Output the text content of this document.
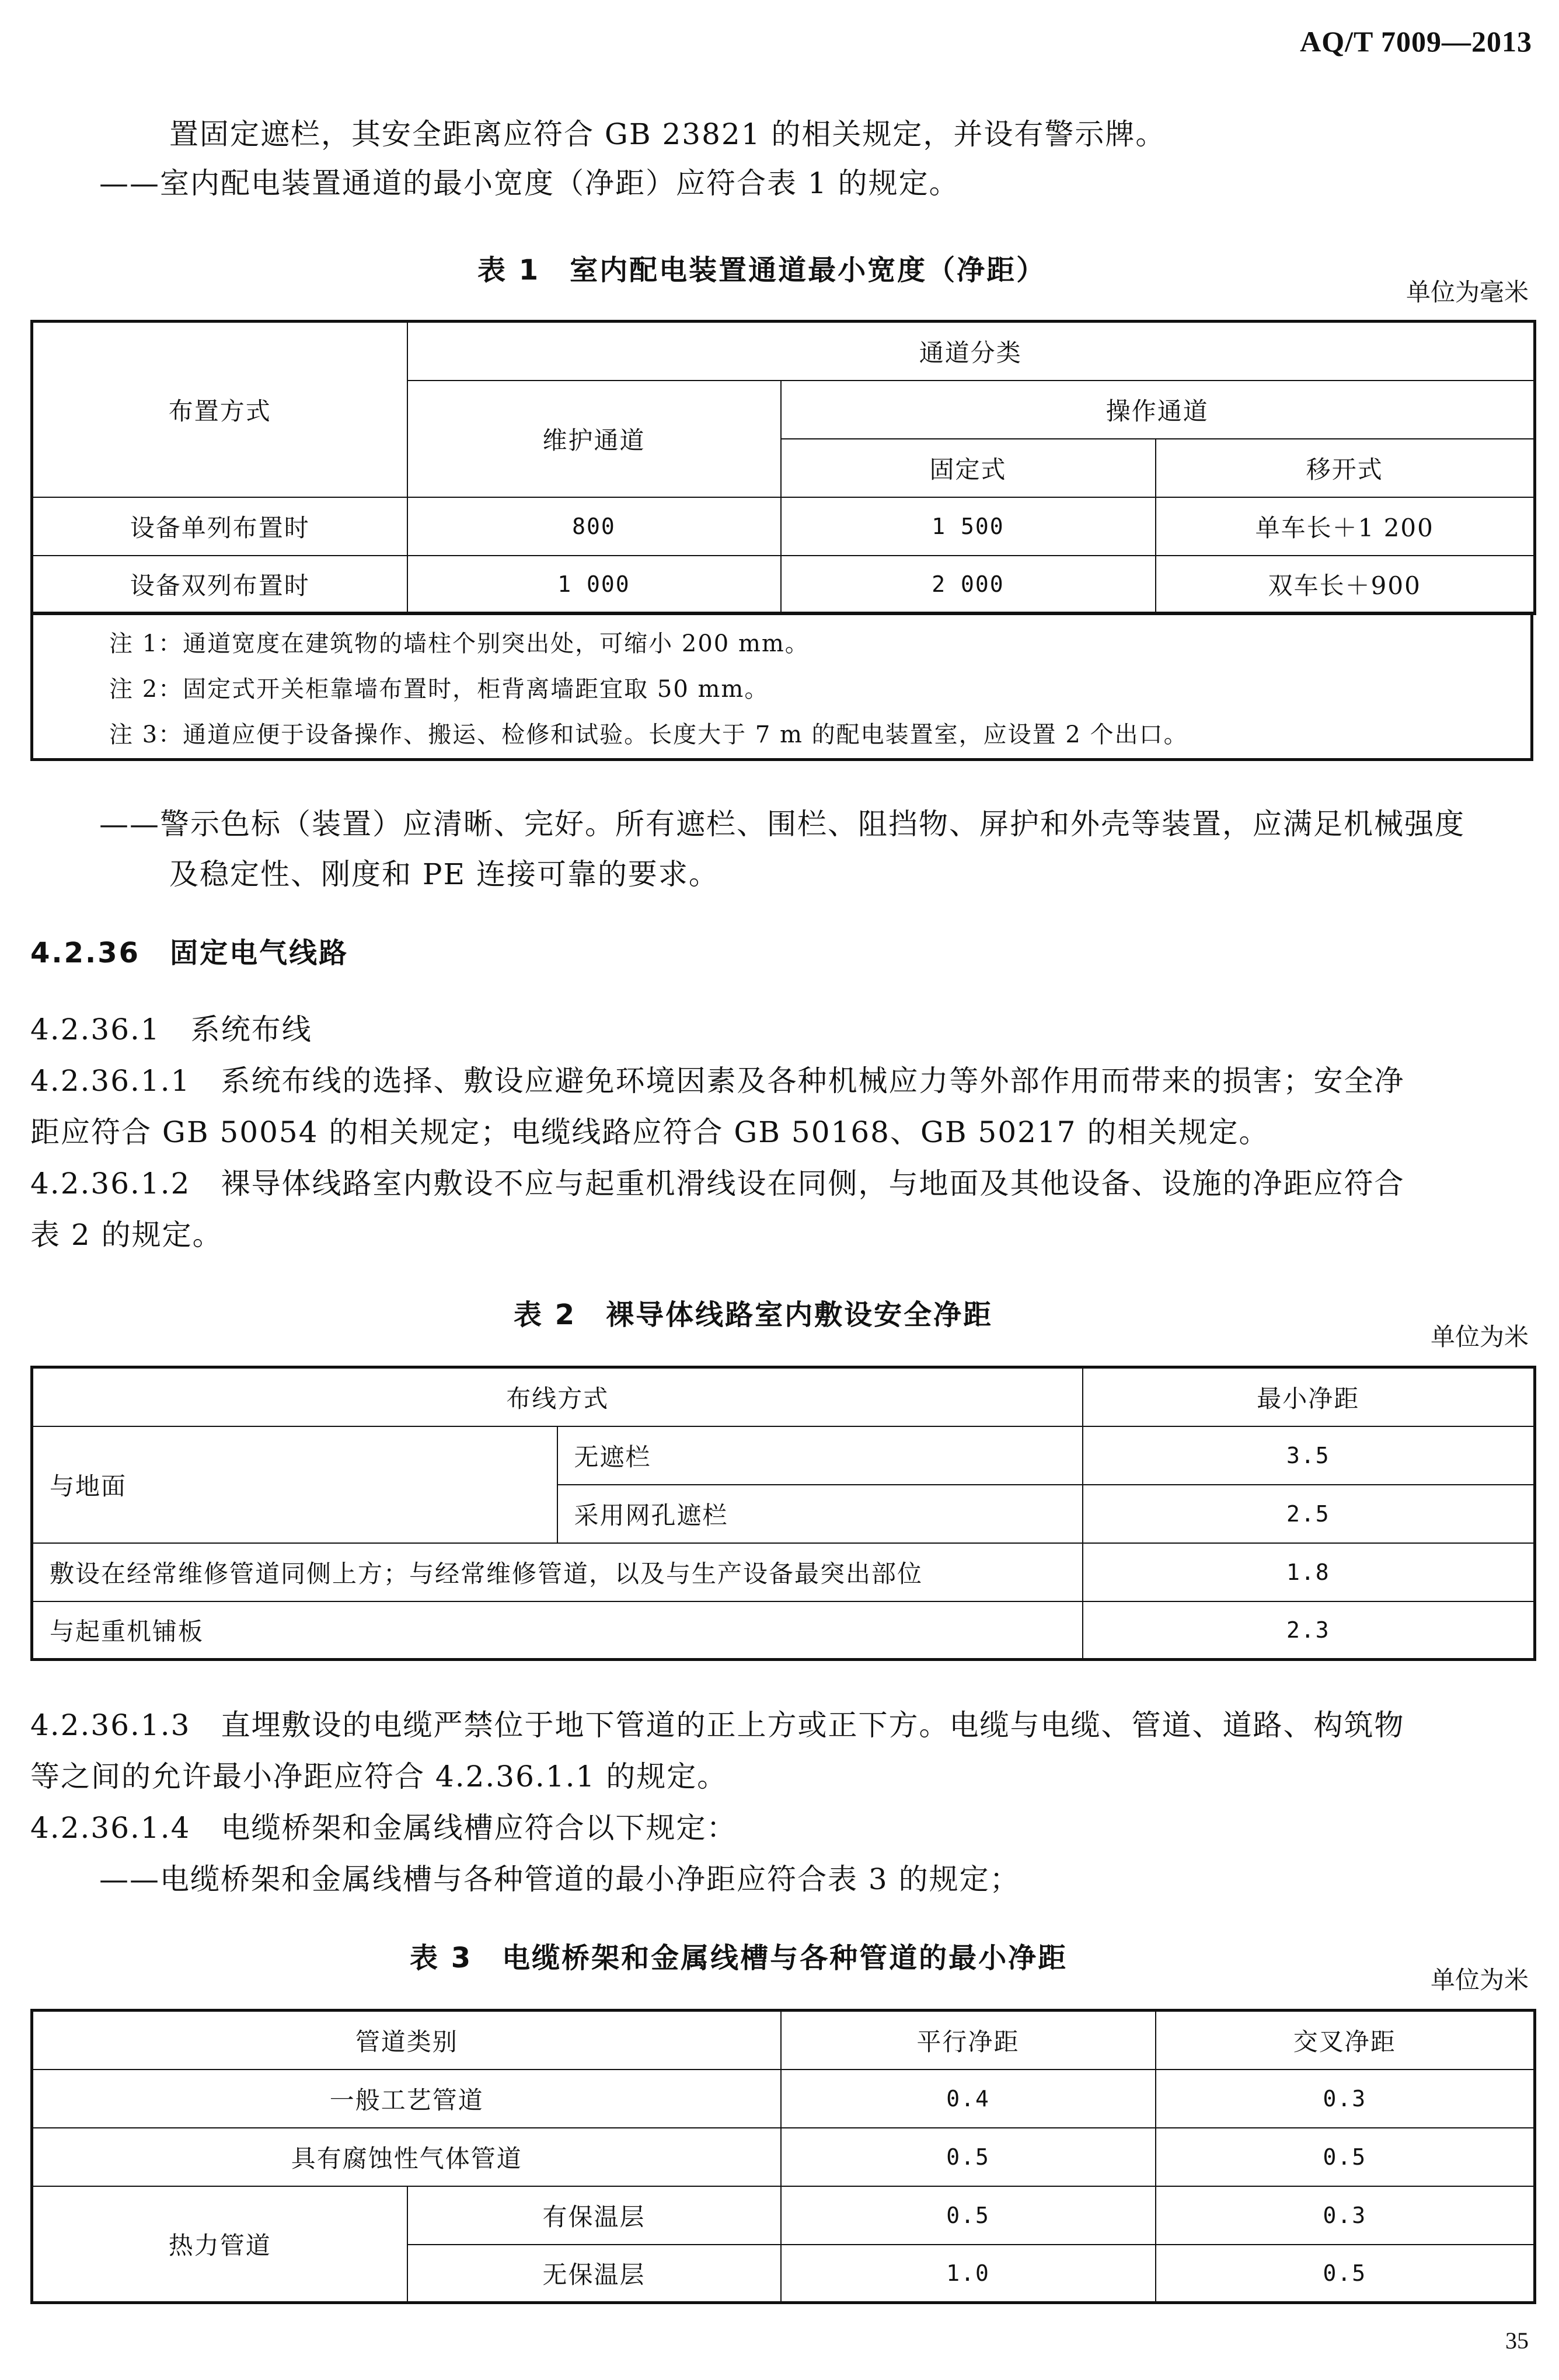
AQ/T 7009—2013
置固定遮栏，其安全距离应符合 GB 23821 的相关规定，并设有警示牌。
——室内配电装置通道的最小宽度（净距）应符合表 1 的规定。
表 1　室内配电装置通道最小宽度（净距）
单位为毫米
布置方式	通道分类		
	维护通道	操作通道	
		固定式	移开式
设备单列布置时	800	1 500	单车长＋1 200
设备双列布置时	1 000	2 000	双车长＋900
注 1：通道宽度在建筑物的墙柱个别突出处，可缩小 200 mm。
注 2：固定式开关柜靠墙布置时，柜背离墙距宜取 50 mm。
注 3：通道应便于设备操作、搬运、检修和试验。长度大于 7 m 的配电装置室，应设置 2 个出口。
——警示色标（装置）应清晰、完好。所有遮栏、围栏、阻挡物、屏护和外壳等装置，应满足机械强度
及稳定性、刚度和 PE 连接可靠的要求。
4.2.36　固定电气线路
4.2.36.1　系统布线
4.2.36.1.1　系统布线的选择、敷设应避免环境因素及各种机械应力等外部作用而带来的损害；安全净
距应符合 GB 50054 的相关规定；电缆线路应符合 GB 50168、GB 50217 的相关规定。
4.2.36.1.2　裸导体线路室内敷设不应与起重机滑线设在同侧，与地面及其他设备、设施的净距应符合
表 2 的规定。
表 2　裸导体线路室内敷设安全净距
单位为米
布线方式		最小净距
与地面	无遮栏	3.5
	采用网孔遮栏	2.5
敷设在经常维修管道同侧上方；与经常维修管道，以及与生产设备最突出部位		1.8
与起重机铺板		2.3
4.2.36.1.3　直埋敷设的电缆严禁位于地下管道的正上方或正下方。电缆与电缆、管道、道路、构筑物
等之间的允许最小净距应符合 4.2.36.1.1 的规定。
4.2.36.1.4　电缆桥架和金属线槽应符合以下规定：
——电缆桥架和金属线槽与各种管道的最小净距应符合表 3 的规定；
表 3　电缆桥架和金属线槽与各种管道的最小净距
单位为米
管道类别		平行净距	交叉净距
一般工艺管道		0.4	0.3
具有腐蚀性气体管道		0.5	0.5
热力管道	有保温层	0.5	0.3
	无保温层	1.0	0.5
35
